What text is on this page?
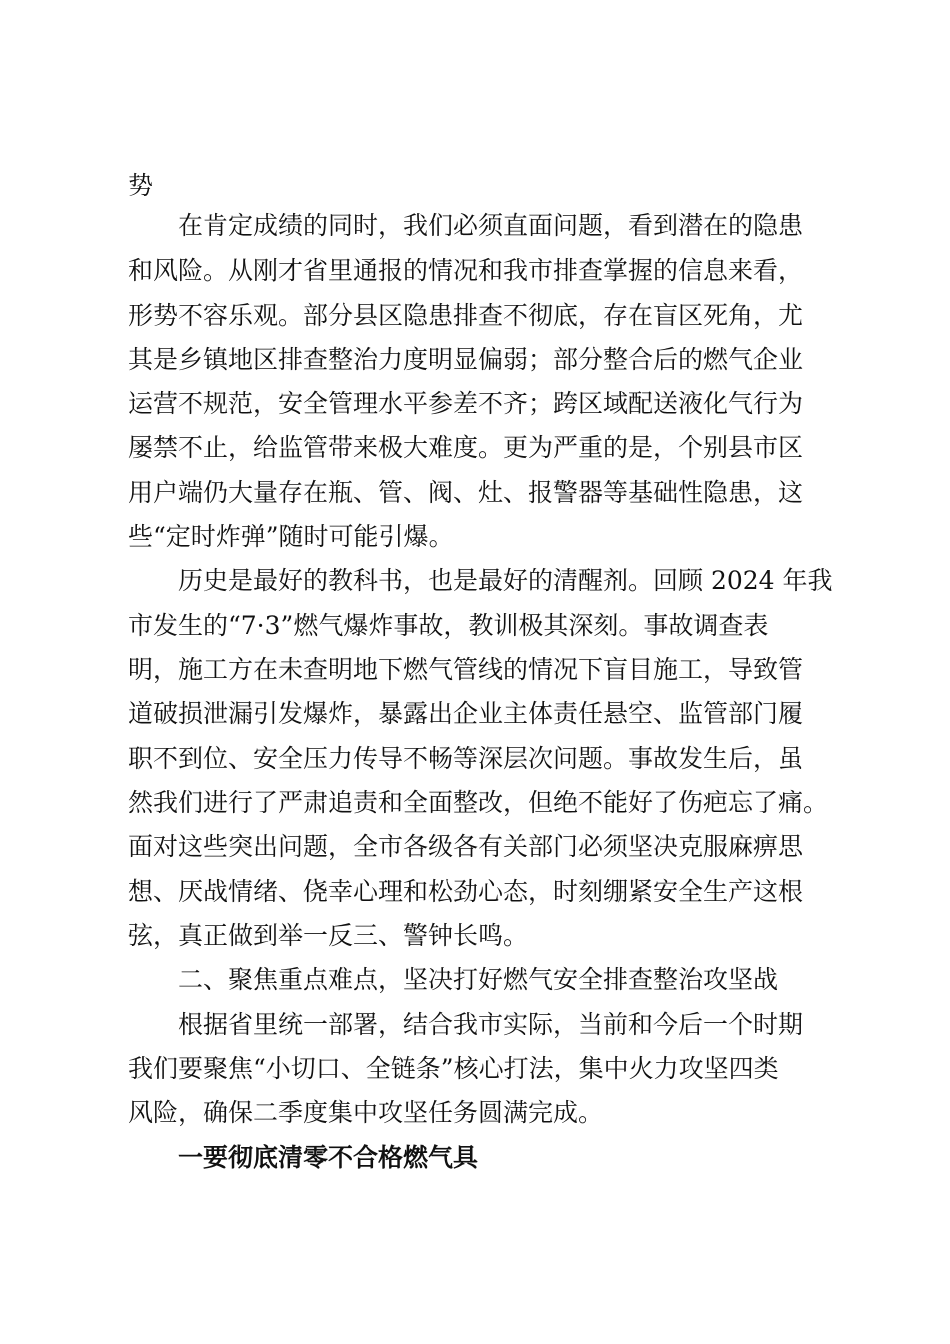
势
在肯定成绩的同时，我们必须直面问题，看到潜在的隐患
和风险。从刚才省里通报的情况和我市排查掌握的信息来看，
形势不容乐观。部分县区隐患排查不彻底，存在盲区死角，尤
其是乡镇地区排查整治力度明显偏弱；部分整合后的燃气企业
运营不规范，安全管理水平参差不齐；跨区域配送液化气行为
屡禁不止，给监管带来极大难度。更为严重的是，个别县市区
用户端仍大量存在瓶、管、阀、灶、报警器等基础性隐患，这
些“定时炸弹”随时可能引爆。
历史是最好的教科书，也是最好的清醒剂。回顾 2024 年我
市发生的“7·3”燃气爆炸事故，教训极其深刻。事故调查表
明，施工方在未查明地下燃气管线的情况下盲目施工，导致管
道破损泄漏引发爆炸，暴露出企业主体责任悬空、监管部门履
职不到位、安全压力传导不畅等深层次问题。事故发生后，虽
然我们进行了严肃追责和全面整改，但绝不能好了伤疤忘了痛。
面对这些突出问题，全市各级各有关部门必须坚决克服麻痹思
想、厌战情绪、侥幸心理和松劲心态，时刻绷紧安全生产这根
弦，真正做到举一反三、警钟长鸣。
二、聚焦重点难点，坚决打好燃气安全排查整治攻坚战
根据省里统一部署，结合我市实际，当前和今后一个时期
我们要聚焦“小切口、全链条”核心打法，集中火力攻坚四类
风险，确保二季度集中攻坚任务圆满完成。
一要彻底清零不合格燃气具
